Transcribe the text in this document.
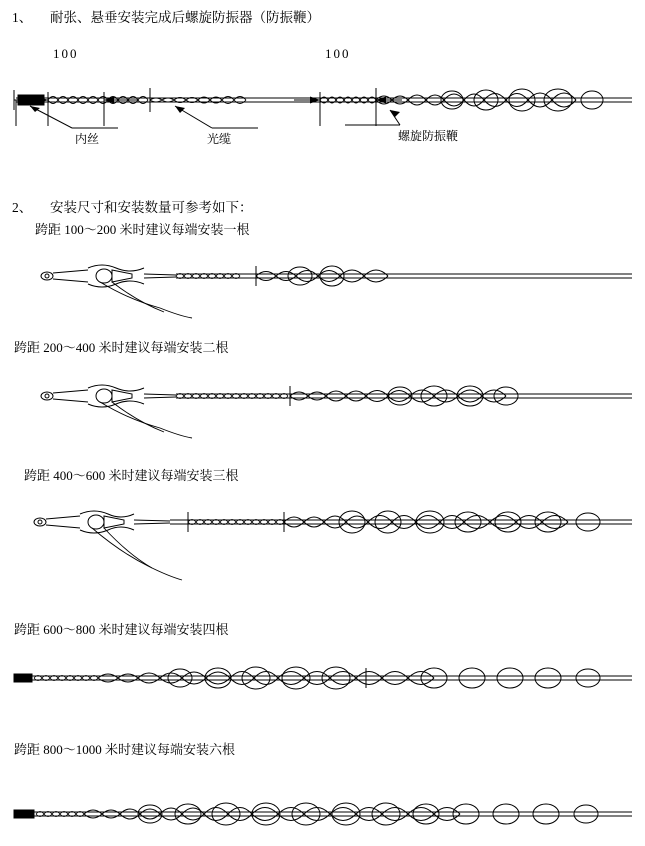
1、 耐张、悬垂安装完成后螺旋防振器（防振鞭）
100	100
内丝	光缆	螺旋防振鞭
2、 安装尺寸和安装数量可参考如下：
跨距 100～200 米时建议每端安装一根
跨距 200～400 米时建议每端安装二根
跨距 400～600 米时建议每端安装三根
跨距 600～800 米时建议每端安装四根
跨距 800～1000 米时建议每端安装六根
